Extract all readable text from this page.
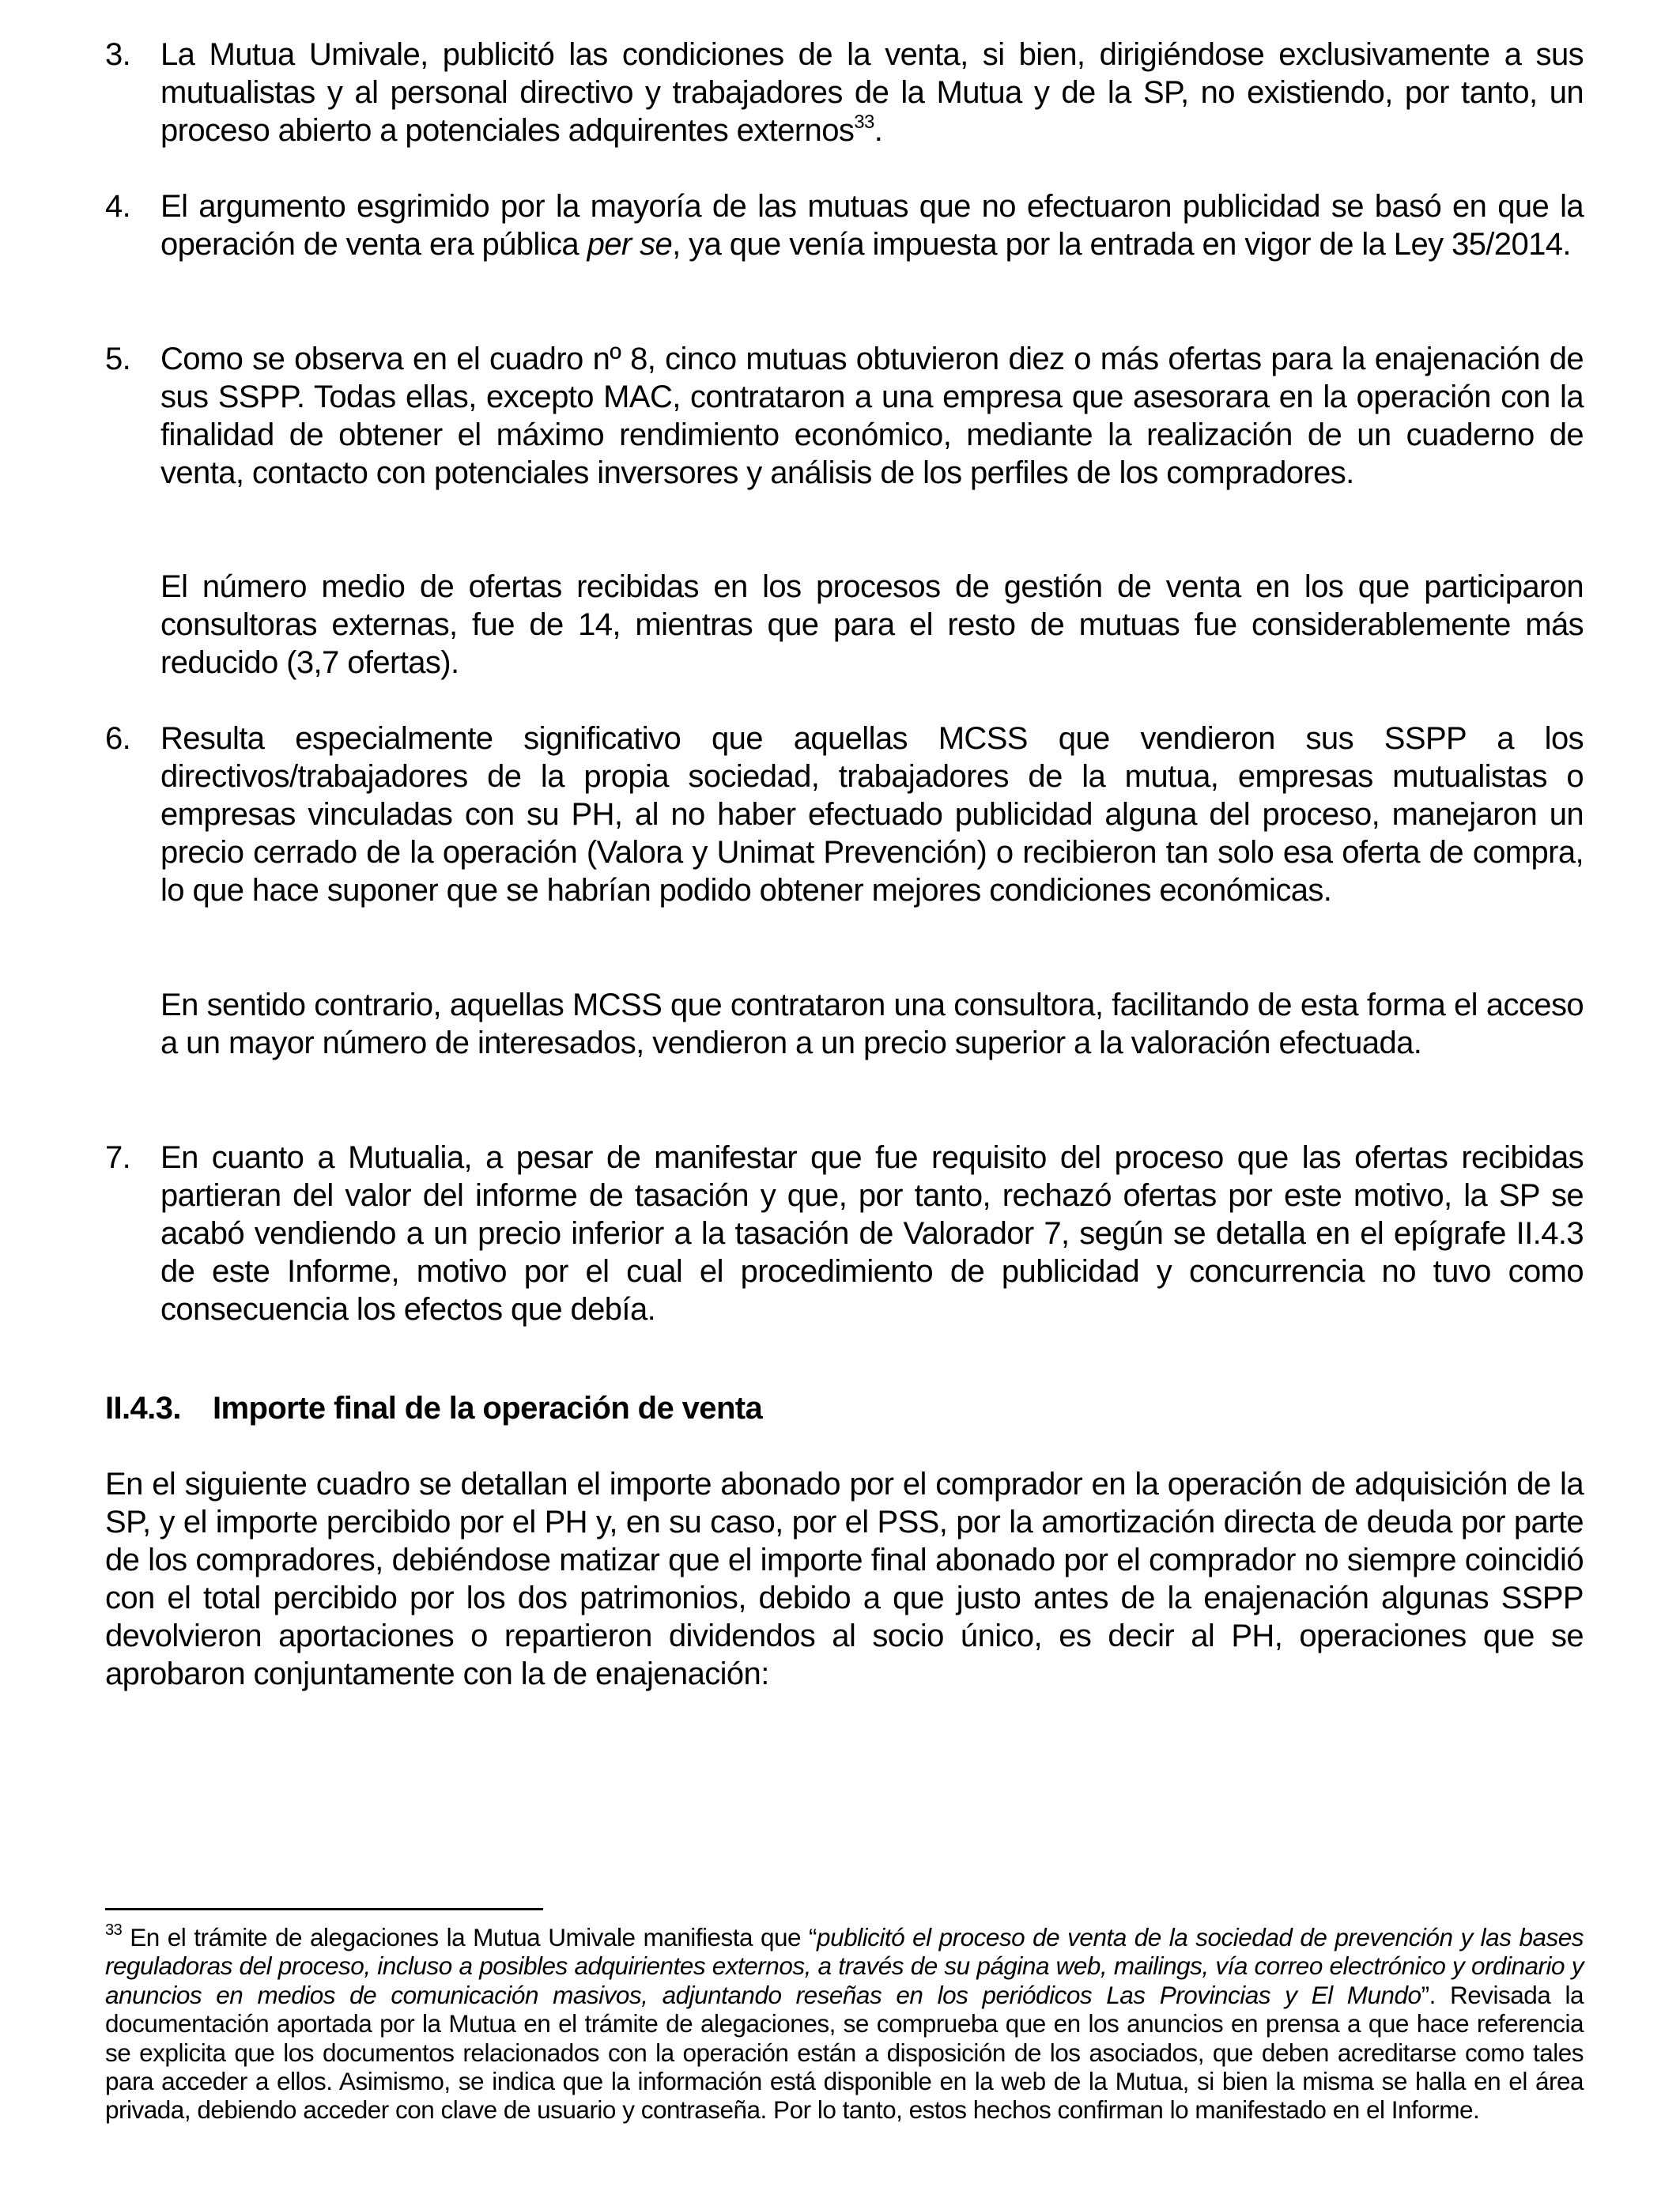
3. La Mutua Umivale, publicitó las condiciones de la venta, si bien, dirigiéndose exclusivamente a sus mutualistas y al personal directivo y trabajadores de la Mutua y de la SP, no existiendo, por tanto, un proceso abierto a potenciales adquirentes externos$^{33}$.
4. El argumento esgrimido por la mayoría de las mutuas que no efectuaron publicidad se basó en que la operación de venta era pública per se, ya que venía impuesta por la entrada en vigor de la Ley 35/2014.
5. Como se observa en el cuadro nº 8, cinco mutuas obtuvieron diez o más ofertas para la enajenación de sus SSPP. Todas ellas, excepto MAC, contrataron a una empresa que asesorara en la operación con la finalidad de obtener el máximo rendimiento económico, mediante la realización de un cuaderno de venta, contacto con potenciales inversores y análisis de los perfiles de los compradores.
El número medio de ofertas recibidas en los procesos de gestión de venta en los que participaron consultoras externas, fue de 14, mientras que para el resto de mutuas fue considerablemente más reducido (3,7 ofertas).
6. Resulta especialmente significativo que aquellas MCSS que vendieron sus SSPP a los directivos/trabajadores de la propia sociedad, trabajadores de la mutua, empresas mutualistas o empresas vinculadas con su PH, al no haber efectuado publicidad alguna del proceso, manejaron un precio cerrado de la operación (Valora y Unimat Prevención) o recibieron tan solo esa oferta de compra, lo que hace suponer que se habrían podido obtener mejores condiciones económicas.
En sentido contrario, aquellas MCSS que contrataron una consultora, facilitando de esta forma el acceso a un mayor número de interesados, vendieron a un precio superior a la valoración efectuada.
7. En cuanto a Mutualia, a pesar de manifestar que fue requisito del proceso que las ofertas recibidas partieran del valor del informe de tasación y que, por tanto, rechazó ofertas por este motivo, la SP se acabó vendiendo a un precio inferior a la tasación de Valorador 7, según se detalla en el epígrafe II.4.3 de este Informe, motivo por el cual el procedimiento de publicidad y concurrencia no tuvo como consecuencia los efectos que debía.
II.4.3. Importe final de la operación de venta
En el siguiente cuadro se detallan el importe abonado por el comprador en la operación de adquisición de la SP, y el importe percibido por el PH y, en su caso, por el PSS, por la amortización directa de deuda por parte de los compradores, debiéndose matizar que el importe final abonado por el comprador no siempre coincidió con el total percibido por los dos patrimonios, debido a que justo antes de la enajenación algunas SSPP devolvieron aportaciones o repartieron dividendos al socio único, es decir al PH, operaciones que se aprobaron conjuntamente con la de enajenación:
$^{33}$ En el trámite de alegaciones la Mutua Umivale manifiesta que “publicitó el proceso de venta de la sociedad de prevención y las bases reguladoras del proceso, incluso a posibles adquirientes externos, a través de su página web, mailings, vía correo electrónico y ordinario y anuncios en medios de comunicación masivos, adjuntando reseñas en los periódicos Las Provincias y El Mundo”. Revisada la documentación aportada por la Mutua en el trámite de alegaciones, se comprueba que en los anuncios en prensa a que hace referencia se explicita que los documentos relacionados con la operación están a disposición de los asociados, que deben acreditarse como tales para acceder a ellos. Asimismo, se indica que la información está disponible en la web de la Mutua, si bien la misma se halla en el área privada, debiendo acceder con clave de usuario y contraseña. Por lo tanto, estos hechos confirman lo manifestado en el Informe.
